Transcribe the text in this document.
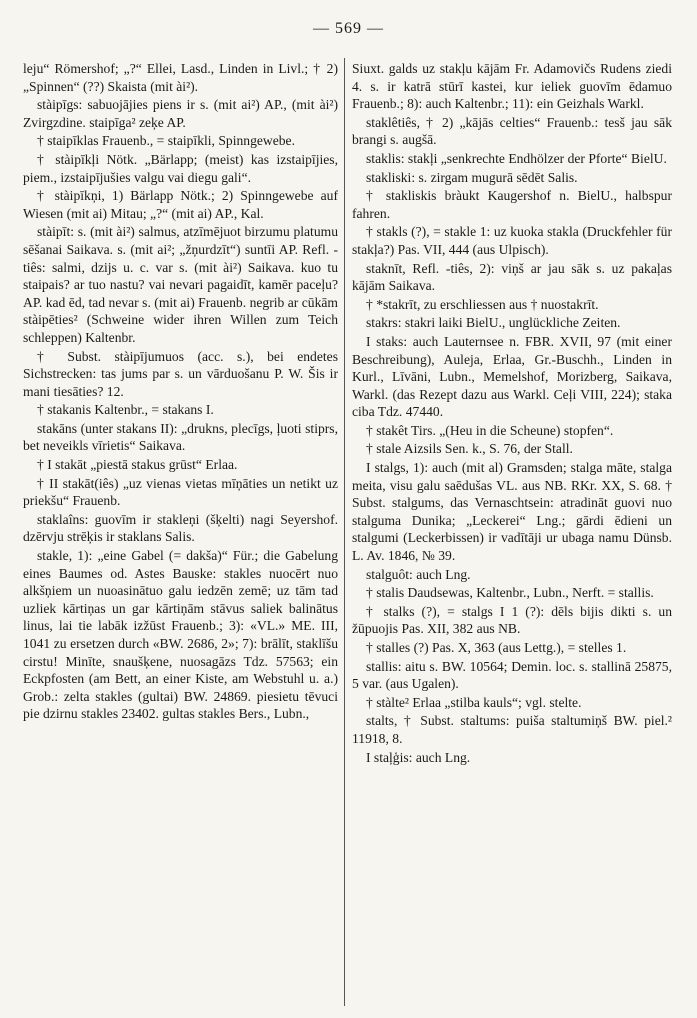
— 569 —

leju“ Römershof; „?“ Ellei, Lasd., Linden in Livl.; † 2) „Spinnen“ (??) Skaista (mit ài²).

stàipīgs: sabuojājies piens ir s. (mit ai²) AP., (mit ài²) Zvirgzdine. staipīga² zeķe AP.

† staipīklas Frauenb., = staipīkli, Spinngewebe.

† stàipīkļi Nötk. „Bärlapp; (meist) kas izstaipījies, piem., izstaipījušies valgu vai diegu gali“.

† stàipīkņi, 1) Bärlapp Nötk.; 2) Spinngewebe auf Wiesen (mit ai) Mitau; „?“ (mit ai) AP., Kal.

stàipīt: s. (mit ài²) salmus, atzīmējuot birzumu platumu sēšanai Saikava. s. (mit ai²; „žņurdzīt“) suntīi AP. Refl. -tiês: salmi, dzijs u. c. var s. (mit ài²) Saikava. kuo tu staipais? ar tuo nastu? vai nevari pagaidīt, kamēr paceļu? AP. kad ēd, tad nevar s. (mit ai) Frauenb. negrib ar cūkām stàipēties² (Schweine wider ihren Willen zum Teich schleppen) Kaltenbr.

† Subst. stàipījumuos (acc. s.), bei endetes Sichstrecken: tas jums par s. un vārduošanu P. W. Šis ir mani tiesāties? 12.

† stakanis Kaltenbr., = stakans I.

stakāns (unter stakans II): „drukns, plecīgs, ļuoti stiprs, bet neveikls vīrietis“ Saikava.

† I stakāt „piestā stakus grūst“ Erlaa.

† II stakāt(iês) „uz vienas vietas mīņāties un netikt uz priekšu“ Frauenb.

staklaîns: guovīm ir stakleņi (šķelti) nagi Seyershof. dzērvju strēķis ir staklans Salis.

stakle, 1): „eine Gabel (= dakša)“ Für.; die Gabelung eines Baumes od. Astes Bauske: stakles nuocērt nuo alkšņiem un nuoasinātuo galu iedzēn zemē; uz tām tad uzliek kārtiņas un gar kārtiņām stāvus saliek balinātus linus, lai tie labāk izžūst Frauenb.; 3): «VL.» ME. III, 1041 zu ersetzen durch «BW. 2686, 2»; 7): brālīt, staklīšu cirstu! Minīte, snaušķene, nuosagāzs Tdz. 57563; ein Eckpfosten (am Bett, an einer Kiste, am Webstuhl u. a.) Grob.: zelta stakles (gultai) BW. 24869. piesietu tēvuci pie dzirnu stakles 23402. gultas stakles Bers., Lubn.,

Siuxt. galds uz stakļu kājām Fr. Adamovičs Rudens ziedi 4. s. ir katrā stūrī kastei, kur ieliek guovīm ēdamuo Frauenb.; 8): auch Kaltenbr.; 11): ein Geizhals Warkl.

staklêtiês, † 2) „kājās celties“ Frauenb.: tesš jau sāk brangi s. augšā.

staklis: stakļi „senkrechte Endhölzer der Pforte“ BielU.

stakliski: s. zirgam mugurā sēdēt Salis.

† stakliskis bràukt Kaugershof n. BielU., halbspur fahren.

† stakls (?), = stakle 1: uz kuoka stakla (Druckfehler für stakļa?) Pas. VII, 444 (aus Ulpisch).

staknīt, Refl. -tiês, 2): viņš ar jau sāk s. uz pakaļas kājām Saikava.

† *stakrīt, zu erschliessen aus † nuostakrīt.

stakrs: stakri laiki BielU., unglückliche Zeiten.

I staks: auch Lauternsee n. FBR. XVII, 97 (mit einer Beschreibung), Auleja, Erlaa, Gr.-Buschh., Linden in Kurl., Līvāni, Lubn., Memelshof, Morizberg, Saikava, Warkl. (das Rezept dazu aus Warkl. Ceļi VIII, 224); staka ciba Tdz. 47440.

† stakêt Tirs. „(Heu in die Scheune) stopfen“.

† stale Aizsils Sen. k., S. 76, der Stall.

I stalgs, 1): auch (mit al) Gramsden; stalga māte, stalga meita, visu galu saēdušas VL. aus NB. RKr. XX, S. 68. † Subst. stalgums, das Vernaschtsein: atradināt guovi nuo stalguma Dunika; „Leckerei“ Lng.; gārdi ēdieni un stalgumi (Leckerbissen) ir vadītāji ur ubaga namu Dünsb. L. Av. 1846, № 39.

stalguôt: auch Lng.

† stalis Daudsewas, Kaltenbr., Lubn., Nerft. = stallis.

† stalks (?), = stalgs I 1 (?): dēls bijis dikti s. un žūpuojis Pas. XII, 382 aus NB.

† stalles (?) Pas. X, 363 (aus Lettg.), = stelles 1.

stallis: aitu s. BW. 10564; Demin. loc. s. stallinā 25875, 5 var. (aus Ugalen).

† stàlte² Erlaa „stilba kauls“; vgl. stelte.

stalts, † Subst. staltums: puiša staltumiņš BW. piel.² 11918, 8.

I staļģis: auch Lng.
